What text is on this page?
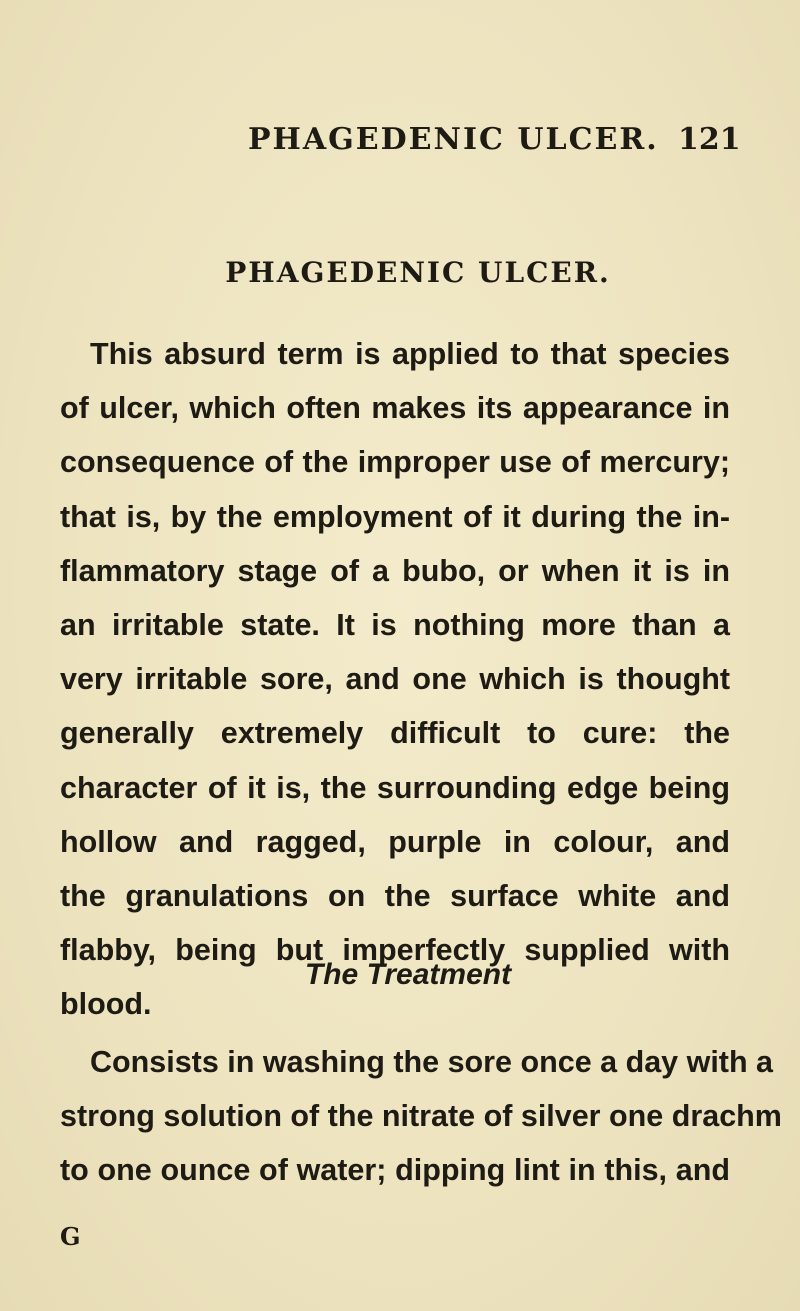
PHAGEDENIC ULCER. 121
PHAGEDENIC ULCER.
This absurd term is applied to that species
of ulcer, which often makes its appearance in
consequence of the improper use of mercury;
that is, by the employment of it during the in-
flammatory stage of a bubo, or when it is in
an irritable state. It is nothing more than a
very irritable sore, and one which is thought
generally extremely difficult to cure: the
character of it is, the surrounding edge being
hollow and ragged, purple in colour, and
the granulations on the surface white and
flabby, being but imperfectly supplied with
blood.
The Treatment
Consists in washing the sore once a day with a
strong solution of the nitrate of silver one drachm
to one ounce of water; dipping lint in this, and
G
